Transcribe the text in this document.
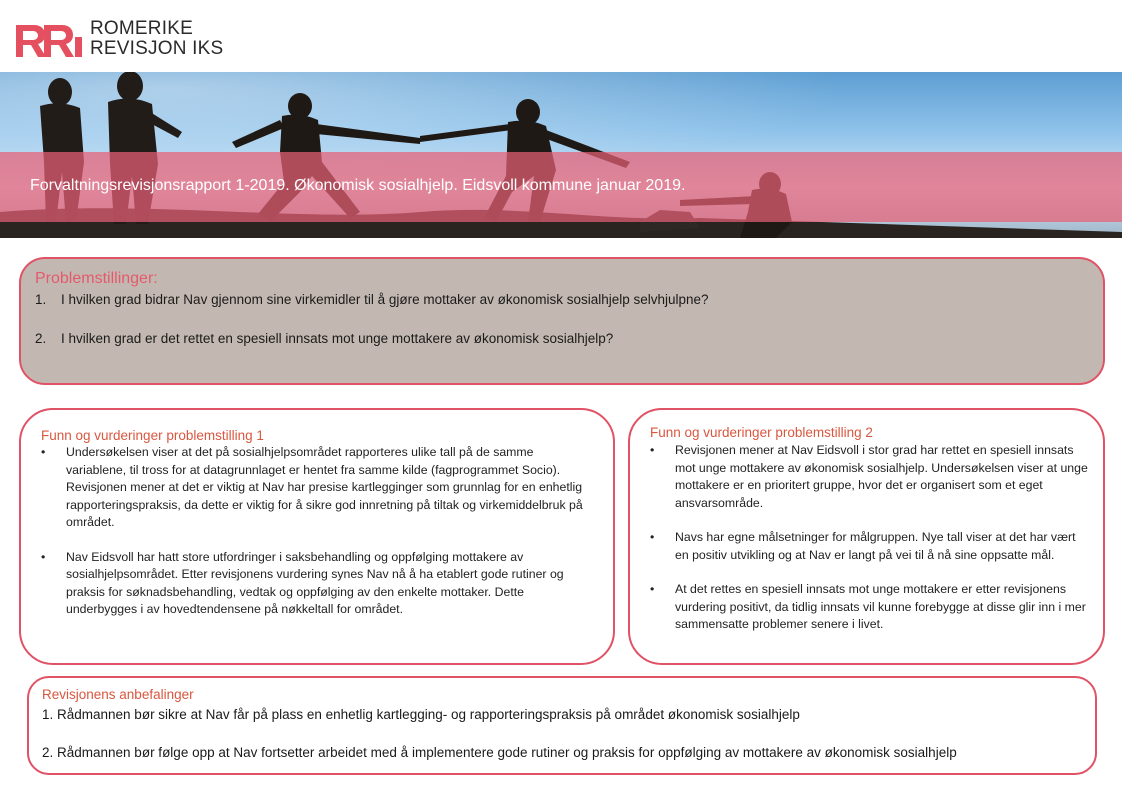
ROMERIKE
REVISJON IKS
Forvaltningsrevisjonsrapport 1-2019. Økonomisk sosialhjelp. Eidsvoll kommune januar 2019.
Problemstillinger:
1. I hvilken grad bidrar Nav gjennom sine virkemidler til å gjøre mottaker av økonomisk sosialhjelp selvhjulpne?
2. I hvilken grad er det rettet en spesiell innsats mot unge mottakere av økonomisk sosialhjelp?
Funn og vurderinger problemstilling 1
• Undersøkelsen viser at det på sosialhjelpsområdet rapporteres ulike tall på de samme variablene, til tross for at datagrunnlaget er hentet fra samme kilde (fagprogrammet Socio). Revisjonen mener at det er viktig at Nav har presise kartlegginger som grunnlag for en enhetlig rapporteringspraksis, da dette er viktig for å sikre god innretning på tiltak og virkemiddelbruk på området.
• Nav Eidsvoll har hatt store utfordringer i saksbehandling og oppfølging mottakere av sosialhjelpsområdet. Etter revisjonens vurdering synes Nav nå å ha etablert gode rutiner og praksis for søknadsbehandling, vedtak og oppfølging av den enkelte mottaker. Dette underbygges i av hovedtendensene på nøkkeltall for området.
Funn og vurderinger problemstilling 2
• Revisjonen mener at Nav Eidsvoll i stor grad har rettet en spesiell innsats mot unge mottakere av økonomisk sosialhjelp. Undersøkelsen viser at unge mottakere er en prioritert gruppe, hvor det er organisert som et eget ansvarsområde.
• Navs har egne målsetninger for målgruppen. Nye tall viser at det har vært en positiv utvikling og at Nav er langt på vei til å nå sine oppsatte mål.
• At det rettes en spesiell innsats mot unge mottakere er etter revisjonens vurdering positivt, da tidlig innsats vil kunne forebygge at disse glir inn i mer sammensatte problemer senere i livet.
Revisjonens anbefalinger
1. Rådmannen bør sikre at Nav får på plass en enhetlig kartlegging- og rapporteringspraksis på området økonomisk sosialhjelp
2. Rådmannen bør følge opp at Nav fortsetter arbeidet med å implementere gode rutiner og praksis for oppfølging av mottakere av økonomisk sosialhjelp
